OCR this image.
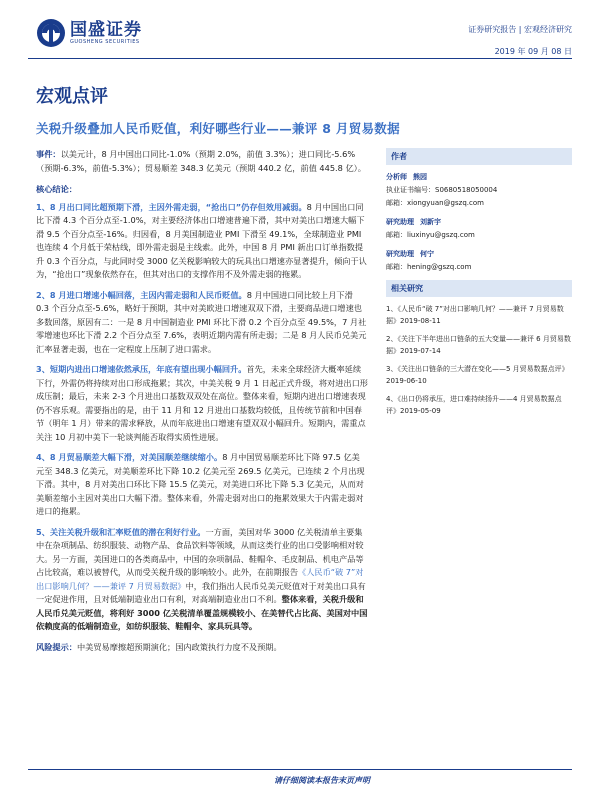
国盛证券
GUOSHENG SECURITIES
证券研究报告 | 宏观经济研究
2019 年 09 月 08 日
宏观点评
关税升级叠加人民币贬值，利好哪些行业——兼评 8 月贸易数据
事件：以美元计，8 月中国出口同比-1.0%（预期 2.0%，前值 3.3%）；进口同比-5.6%（预期-6.3%，前值-5.3%）；贸易顺差 348.3 亿美元（预期 440.2 亿，前值 445.8 亿）。
核心结论：
1、8 月出口同比超预期下滑，主因外需走弱，“抢出口”仍存但效用减弱。8 月中国出口同比下滑 4.3 个百分点至-1.0%，对主要经济体出口增速普遍下滑，其中对美出口增速大幅下滑 9.5 个百分点至-16%。归因看，8 月美国制造业 PMI 下滑至 49.1%，全球制造业 PMI 也连续 4 个月低于荣枯线，即外需走弱是主线索。此外，中国 8 月 PMI 新出口订单指数提升 0.3 个百分点，与此同时受 3000 亿关税影响较大的玩具出口增速亦显著提升，倾向于认为，“抢出口”现象依然存在，但其对出口的支撑作用不及外需走弱的拖累。
2、8 月进口增速小幅回落，主因内需走弱和人民币贬值。8 月中国进口同比较上月下滑 0.3 个百分点至-5.6%，略好于预期，其中对美欧进口增速双双下滑，主要商品进口增速也多数回落，原因有二：一是 8 月中国制造业 PMI 环比下滑 0.2 个百分点至 49.5%，7 月社零增速也环比下滑 2.2 个百分点至 7.6%，表明近期内需有所走弱；二是 8 月人民币兑美元汇率显著走弱，也在一定程度上压制了进口需求。
3、短期内进出口增速依然承压，年底有望出现小幅回升。首先，未来全球经济大概率延续下行，外需仍将持续对出口形成拖累；其次，中美关税 9 月 1 日起正式升级，将对进出口形成压制；最后，未来 2-3 个月进出口基数双双处在高位。整体来看，短期内进出口增速表现仍不容乐观。需要指出的是，由于 11 月和 12 月进出口基数均较低，且传统节前和中国春节（明年 1 月）带来的需求释放，从而年底进出口增速有望双双小幅回升。短期内，需重点关注 10 月初中美下一轮谈判能否取得实质性进展。
4、8 月贸易顺差大幅下滑，对美国顺差继续缩小。8 月中国贸易顺差环比下降 97.5 亿美元至 348.3 亿美元，对美顺差环比下降 10.2 亿美元至 269.5 亿美元，已连续 2 个月出现下滑。其中，8 月对美出口环比下降 15.5 亿美元，对美进口环比下降 5.3 亿美元，从而对美顺差缩小主因对美出口大幅下滑。整体来看，外需走弱对出口的拖累效果大于内需走弱对进口的拖累。
5、关注关税升级和汇率贬值的潜在利好行业。一方面，美国对华 3000 亿关税清单主要集中在杂项制品、纺织服装、动物产品、食品饮料等领域，从而这类行业的出口受影响相对较大。另一方面，美国进口的各类商品中，中国的杂项制品、鞋帽伞、毛皮制品、机电产品等占比较高，难以被替代，从而受关税升级的影响较小。此外，在前期报告《人民币“破 7”对出口影响几何？——兼评 7 月贸易数据》中，我们指出人民币兑美元贬值对于对美出口具有一定促进作用，且对低端制造业出口有利，对高端制造业出口不利。整体来看，关税升级和人民币兑美元贬值，将利好 3000 亿关税清单覆盖规模较小、在美替代占比高、美国对中国依赖度高的低端制造业，如纺织服装、鞋帽伞、家具玩具等。
风险提示：中美贸易摩擦超预期演化；国内政策执行力度不及预期。
作者
分析师 熊园
执业证书编号： S0680518050004
邮箱： xiongyuan@gszq.com
研究助理 刘新宇
邮箱： liuxinyu@gszq.com
研究助理 何宁
邮箱： hening@gszq.com
相关研究
1、《人民币“破 7”对出口影响几何？——兼评 7 月贸易数据》2019-08-11
2、《关注下半年进出口链条的五大变量——兼评 6 月贸易数据》2019-07-14
3、《关注出口链条的三大潜在变化——5 月贸易数据点评》2019-06-10
4、《出口仍将承压，进口难持续扬升——4 月贸易数据点评》2019-05-09
请仔细阅读本报告末页声明
